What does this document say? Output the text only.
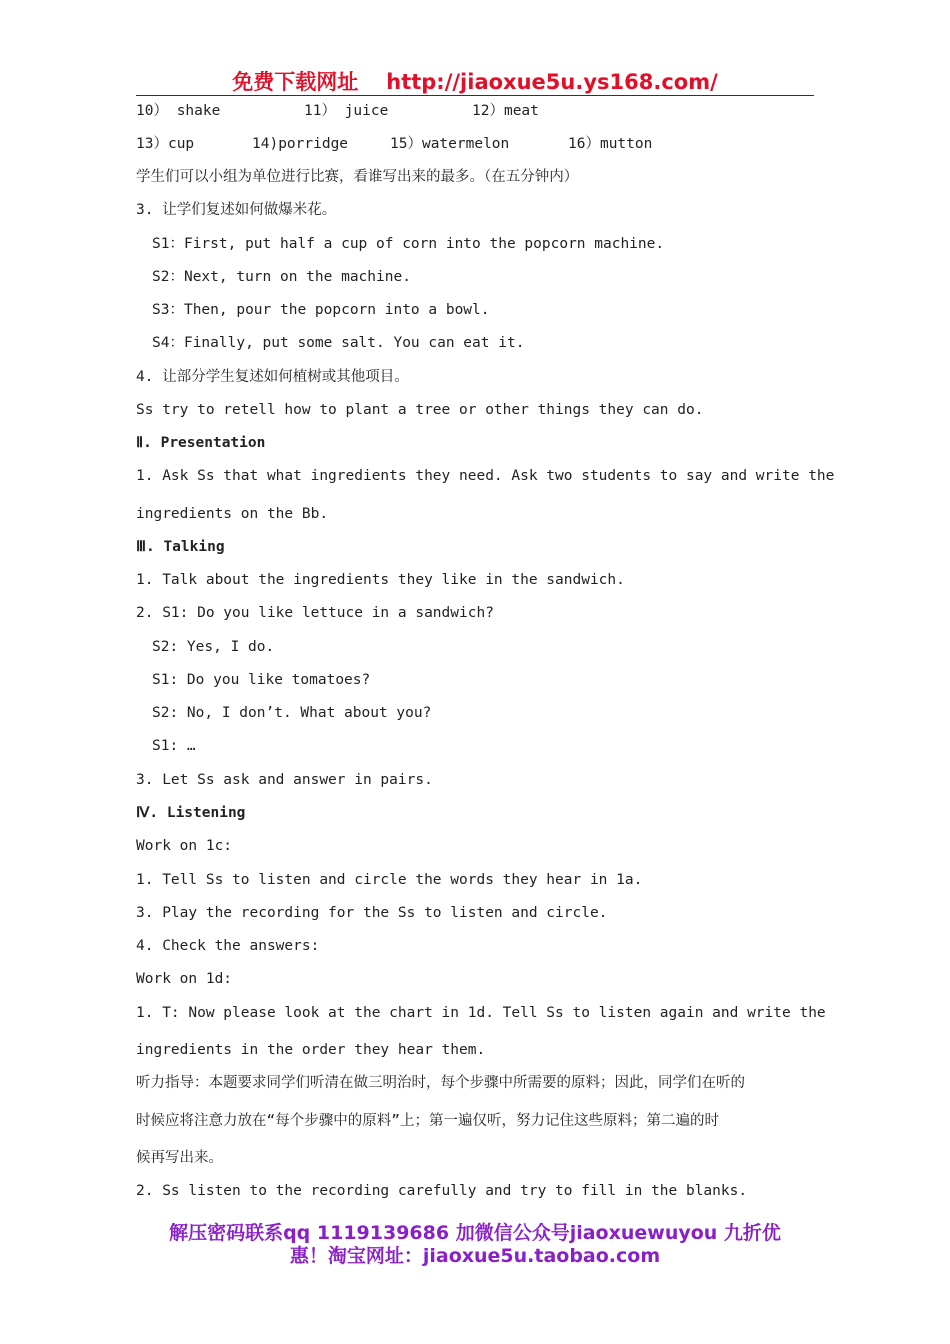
免费下载网址 http://jiaoxue5u.ys168.com/
10） shake	11） juice	12）meat
13）cup	14)porridge	15）watermelon	16）mutton
学生们可以小组为单位进行比赛，看谁写出来的最多。（在五分钟内）
3. 让学们复述如何做爆米花。
S1：First, put half a cup of corn into the popcorn machine.
S2：Next, turn on the machine.
S3：Then, pour the popcorn into a bowl.
S4：Finally, put some salt. You can eat it.
4. 让部分学生复述如何植树或其他项目。
Ss try to retell how to plant a tree or other things they can do.
Ⅱ. Presentation
1. Ask Ss that what ingredients they need. Ask two students to say and write the
ingredients on the Bb.
Ⅲ. Talking
1. Talk about the ingredients they like in the sandwich.
2. S1: Do you like lettuce in a sandwich?
S2: Yes, I do.
S1: Do you like tomatoes?
S2: No, I don’t. What about you?
S1: …
3. Let Ss ask and answer in pairs.
Ⅳ. Listening
Work on 1c:
1. Tell Ss to listen and circle the words they hear in 1a.
3. Play the recording for the Ss to listen and circle.
4. Check the answers:
Work on 1d:
1. T: Now please look at the chart in 1d. Tell Ss to listen again and write the
ingredients in the order they hear them.
听力指导：本题要求同学们听清在做三明治时，每个步骤中所需要的原料；因此，同学们在听的
时候应将注意力放在“每个步骤中的原料”上；第一遍仅听，努力记住这些原料；第二遍的时
候再写出来。
2. Ss listen to the recording carefully and try to fill in the blanks.
解压密码联系qq 1119139686 加微信公众号jiaoxuewuyou 九折优
惠！淘宝网址：jiaoxue5u.taobao.com
